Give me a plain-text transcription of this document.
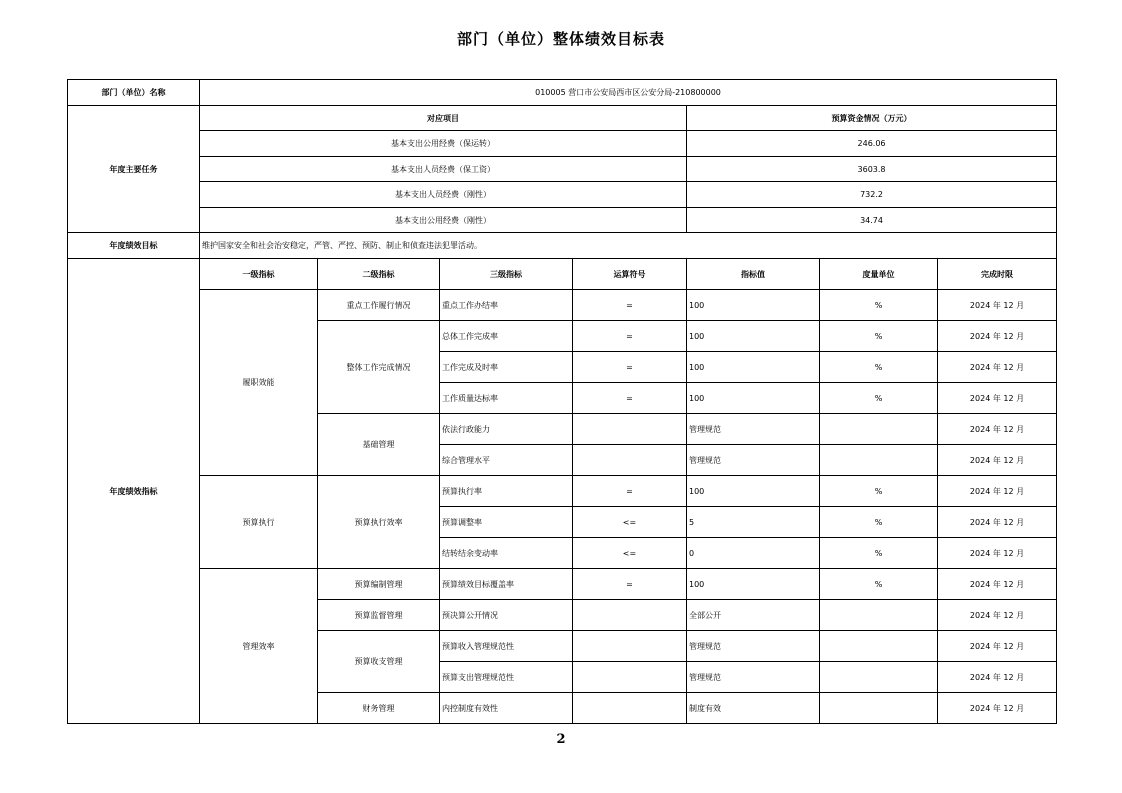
部门（单位）整体绩效目标表
部门（单位）名称	010005 营口市公安局西市区公安分局-210800000						
年度主要任务	对应项目				预算资金情况（万元）		
	基本支出公用经费（保运转）				246.06		
	基本支出人员经费（保工资）				3603.8		
	基本支出人员经费（刚性）				732.2		
	基本支出公用经费（刚性）				34.74		
年度绩效目标	维护国家安全和社会治安稳定，严管、严控、预防、制止和侦查违法犯罪活动。						
年度绩效指标	一级指标	二级指标	三级指标	运算符号	指标值	度量单位	完成时限
	履职效能	重点工作履行情况	重点工作办结率	=	100	%	2024 年 12 月
		整体工作完成情况	总体工作完成率	=	100	%	2024 年 12 月
			工作完成及时率	=	100	%	2024 年 12 月
			工作质量达标率	=	100	%	2024 年 12 月
		基础管理	依法行政能力		管理规范		2024 年 12 月
			综合管理水平		管理规范		2024 年 12 月
	预算执行	预算执行效率	预算执行率	=	100	%	2024 年 12 月
			预算调整率	<=	5	%	2024 年 12 月
			结转结余变动率	<=	0	%	2024 年 12 月
	管理效率	预算编制管理	预算绩效目标覆盖率	=	100	%	2024 年 12 月
		预算监督管理	预决算公开情况		全部公开		2024 年 12 月
		预算收支管理	预算收入管理规范性		管理规范		2024 年 12 月
			预算支出管理规范性		管理规范		2024 年 12 月
		财务管理	内控制度有效性		制度有效		2024 年 12 月
2
